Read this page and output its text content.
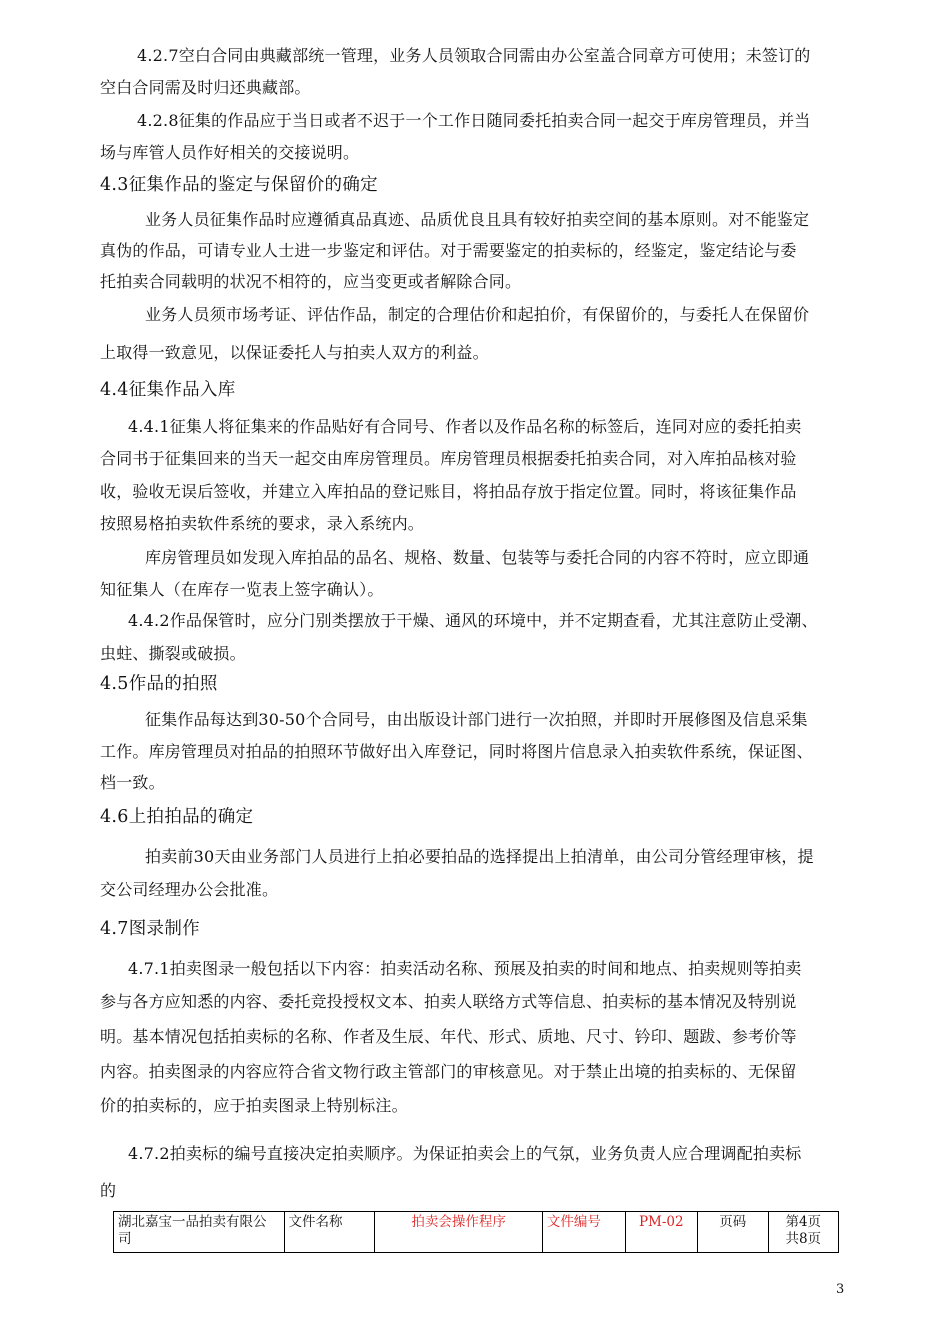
4.2.7空白合同由典藏部统一管理，业务人员领取合同需由办公室盖合同章方可使用；未签订的
空白合同需及时归还典藏部。
4.2.8征集的作品应于当日或者不迟于一个工作日随同委托拍卖合同一起交于库房管理员，并当
场与库管人员作好相关的交接说明。
4.3征集作品的鉴定与保留价的确定
业务人员征集作品时应遵循真品真迹、品质优良且具有较好拍卖空间的基本原则。对不能鉴定
真伪的作品，可请专业人士进一步鉴定和评估。对于需要鉴定的拍卖标的，经鉴定，鉴定结论与委
托拍卖合同载明的状况不相符的，应当变更或者解除合同。
业务人员须市场考证、评估作品，制定的合理估价和起拍价，有保留价的，与委托人在保留价
上取得一致意见，以保证委托人与拍卖人双方的利益。
4.4征集作品入库
4.4.1征集人将征集来的作品贴好有合同号、作者以及作品名称的标签后，连同对应的委托拍卖
合同书于征集回来的当天一起交由库房管理员。库房管理员根据委托拍卖合同，对入库拍品核对验
收，验收无误后签收，并建立入库拍品的登记账目，将拍品存放于指定位置。同时，将该征集作品
按照易格拍卖软件系统的要求，录入系统内。
库房管理员如发现入库拍品的品名、规格、数量、包装等与委托合同的内容不符时，应立即通
知征集人（在库存一览表上签字确认）。
4.4.2作品保管时，应分门别类摆放于干燥、通风的环境中，并不定期查看，尤其注意防止受潮、
虫蛀、撕裂或破损。
4.5作品的拍照
征集作品每达到30-50个合同号，由出版设计部门进行一次拍照，并即时开展修图及信息采集
工作。库房管理员对拍品的拍照环节做好出入库登记，同时将图片信息录入拍卖软件系统，保证图、
档一致。
4.6上拍拍品的确定
拍卖前30天由业务部门人员进行上拍必要拍品的选择提出上拍清单，由公司分管经理审核，提
交公司经理办公会批准。
4.7图录制作
4.7.1拍卖图录一般包括以下内容：拍卖活动名称、预展及拍卖的时间和地点、拍卖规则等拍卖
参与各方应知悉的内容、委托竞投授权文本、拍卖人联络方式等信息、拍卖标的基本情况及特别说
明。基本情况包括拍卖标的名称、作者及生辰、年代、形式、质地、尺寸、钤印、题跋、参考价等
内容。拍卖图录的内容应符合省文物行政主管部门的审核意见。对于禁止出境的拍卖标的、无保留
价的拍卖标的，应于拍卖图录上特别标注。
4.7.2拍卖标的编号直接决定拍卖顺序。为保证拍卖会上的气氛，业务负责人应合理调配拍卖标
的
湖北嘉宝一品拍卖有限公司	文件名称	拍卖会操作程序	文件编号	PM-02	页码	第4页
共8页
3
